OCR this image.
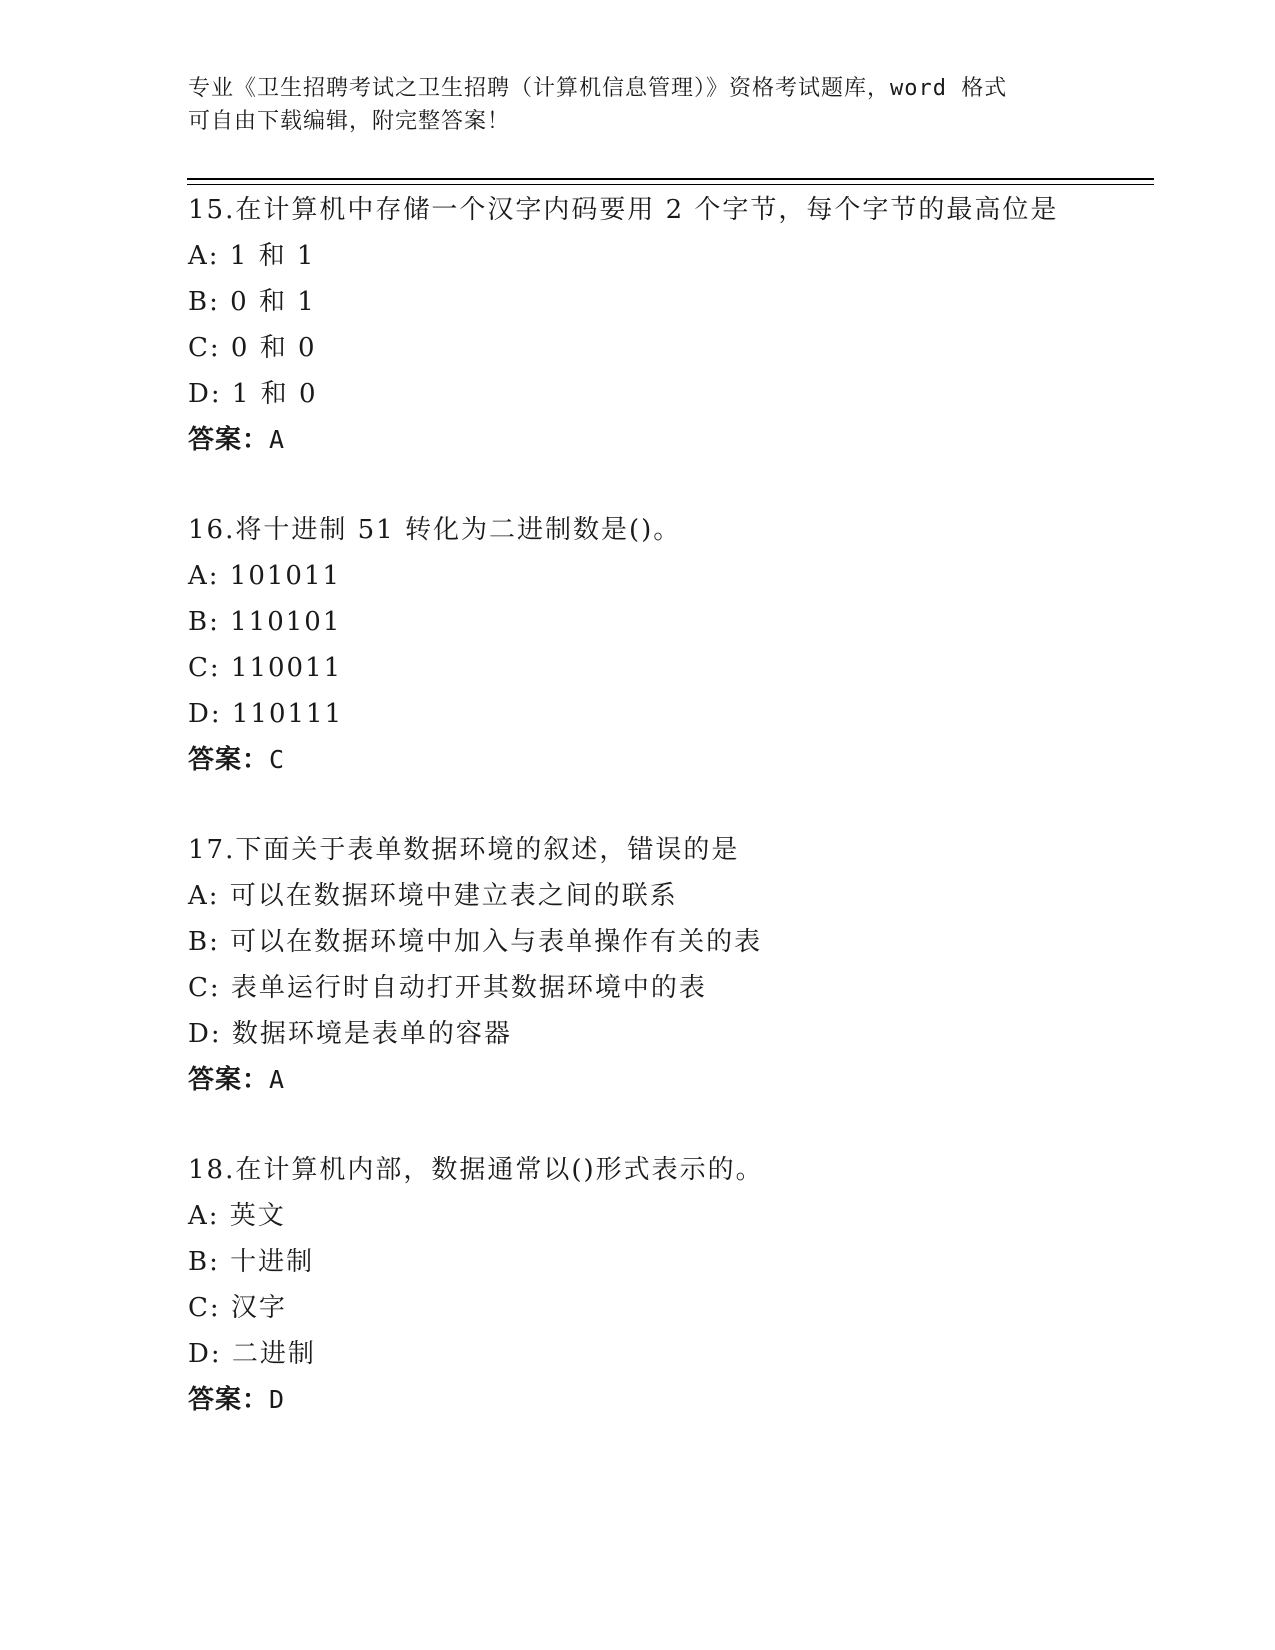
专业《卫生招聘考试之卫生招聘（计算机信息管理）》资格考试题库，word 格式
可自由下载编辑，附完整答案！
15.在计算机中存储一个汉字内码要用 2 个字节，每个字节的最高位是
A: 1 和 1
B: 0 和 1
C: 0 和 0
D: 1 和 0
答案：A
16.将十进制 51 转化为二进制数是()。
A: 101011
B: 110101
C: 110011
D: 110111
答案：C
17.下面关于表单数据环境的叙述，错误的是
A: 可以在数据环境中建立表之间的联系
B: 可以在数据环境中加入与表单操作有关的表
C: 表单运行时自动打开其数据环境中的表
D: 数据环境是表单的容器
答案：A
18.在计算机内部，数据通常以()形式表示的。
A: 英文
B: 十进制
C: 汉字
D: 二进制
答案：D
